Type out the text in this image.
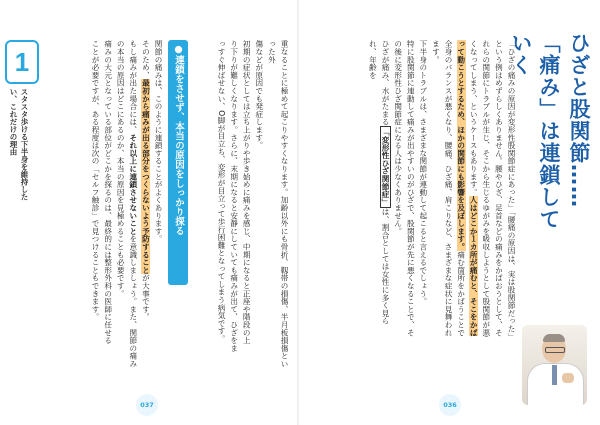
1
スタスタ歩ける下半身を維持したい、これだけの理由	関節の痛みは、このように連鎖することがよくあります。

そのため、最初から痛みが出る部分をつくらないよう予防することが大事です。

もし痛みが出た場合には、それ以上に連鎖させないことを意識しましょう。また、関節の痛みの本当の原因はどこにあるのか、本当の原因を見極めることも必要です。

痛みの大元となっている部位がどこかを探るのは、最終的には整形外科の医師に任せる

ことが必要ですが、ある程度は次の「セルフ触診」で見つけることもできます。	●連鎖をさせず、本当の原因をしっかり探る	重なることに極めて起こりやすくなります。加齢以外にも骨折、靱帯の損傷、半月板損傷といった外

傷などが原因でも発症します。

初期の症状としては立ち上がりや歩き始めに痛みを感じ、中期になると正座や階段の上

り下りが難しくなります。さらに、末期になると安静にしていても痛みが出て、ひざをま

っすぐ伸ばせない、O脚が目立ち、変形が目立って歩行困難となってしまう病気です。

037	036
ひざと股関節……
「痛み」は連鎖していく

「ひざの痛みの原因が変形性股関節症にあった」「腰痛の原因は、実は股関節だった」という例はめずらしくありません。腰やひざ、足首などの痛みをかばおうとして、それらの関節にトラブルが生じ、そこから生じるゆがみを吸収しようとして股関節が悪くなってしまう、というケースもあります。人はどこか１カ所が痛むと、そこをかばって動こうとするため、ほかの関節にも影響を及ぼします。痛む箇所をかばうことで全身のバランスが悪くなり、腰痛、ひざ痛、肩こりなど、さまざまな症状に見舞われます。

下半身のトラブルは、さまざまな関節が連動して起こると言えるでしょう。

特に股関節に連動して痛みが出やすいのがひざで、股関節が先に悪くなることで、その後に変形性ひざ関節症になる人は少なくありません。

ひざが痛み、水がたまる「変形性ひざ関節症」は、割合としては女性に多く見られ、年齢を
